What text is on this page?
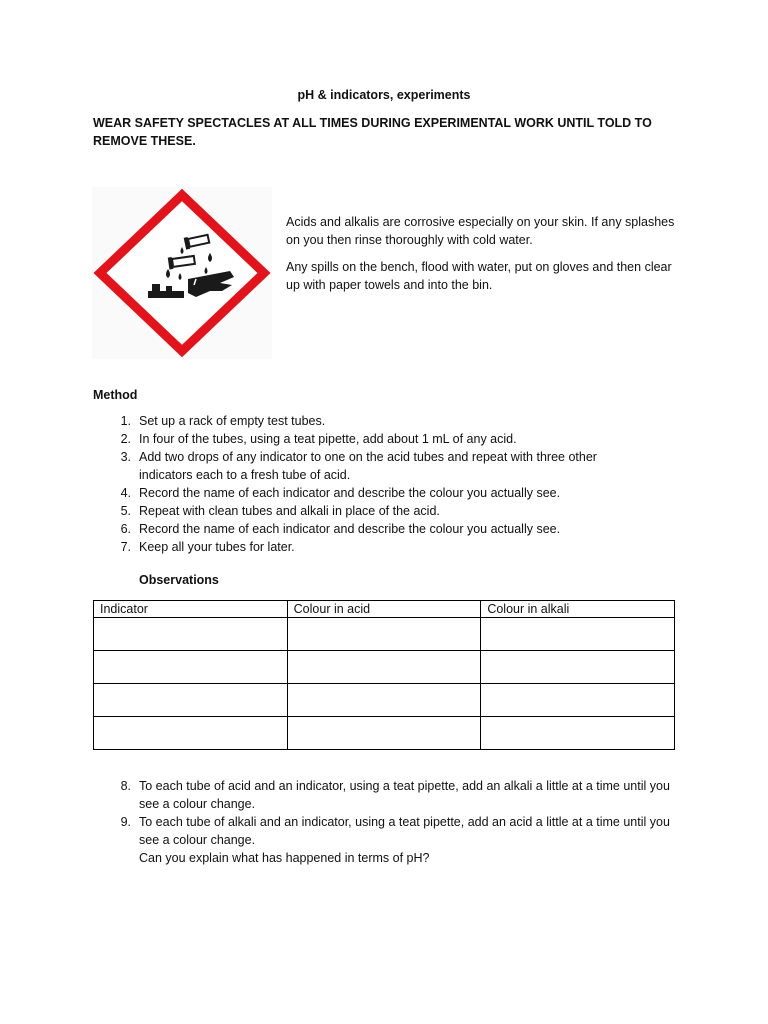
pH & indicators, experiments
WEAR SAFETY SPECTACLES AT ALL TIMES DURING EXPERIMENTAL WORK UNTIL TOLD TO REMOVE THESE.

Acids and alkalis are corrosive especially on your skin. If any splashes on you then rinse thoroughly with cold water.

Any spills on the bench, flood with water, put on gloves and then clear up with paper towels and into the bin.

Method
1. Set up a rack of empty test tubes.
2. In four of the tubes, using a teat pipette, add about 1 mL of any acid.
3. Add two drops of any indicator to one on the acid tubes and repeat with three other indicators each to a fresh tube of acid.
4. Record the name of each indicator and describe the colour you actually see.
5. Repeat with clean tubes and alkali in place of the acid.
6. Record the name of each indicator and describe the colour you actually see.
7. Keep all your tubes for later.
Observations
Indicator	Colour in acid	Colour in alkali

8. To each tube of acid and an indicator, using a teat pipette, add an alkali a little at a time until you see a colour change.
9. To each tube of alkali and an indicator, using a teat pipette, add an acid a little at a time until you see a colour change.
Can you explain what has happened in terms of pH?
